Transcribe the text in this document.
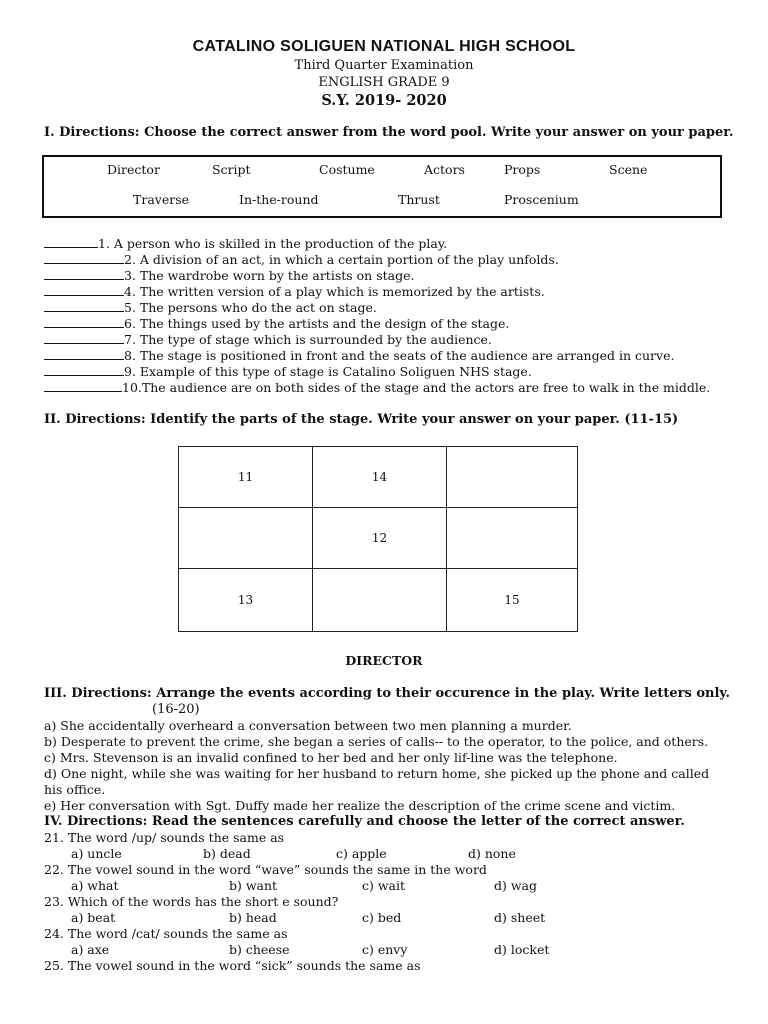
CATALINO SOLIGUEN NATIONAL HIGH SCHOOL
Third Quarter Examination
ENGLISH GRADE 9
S.Y. 2019- 2020
I. Directions: Choose the correct answer from the word pool. Write your answer on your paper.
Director	Script	Costume	Actors	Props	Scene
Traverse	In-the-round	Thrust	Proscenium
1. A person who is skilled in the production of the play.
2. A division of an act, in which a certain portion of the play unfolds.
3. The wardrobe worn by the artists on stage.
4. The written version of a play which is memorized by the artists.
5. The persons who do the act on stage.
6. The things used by the artists and the design of the stage.
7. The type of stage which is surrounded by the audience.
8. The stage is positioned in front and the seats of the audience are arranged in curve.
9. Example of this type of stage is Catalino Soliguen NHS stage.
10.The audience are on both sides of the stage and the actors are free to walk in the middle.
II. Directions: Identify the parts of the stage. Write your answer on your paper. (11-15)
11	14	
	12	
13		15
DIRECTOR
III. Directions: Arrange the events according to their occurence in the play. Write letters only.
(16-20)
a) She accidentally overheard a conversation between two men planning a murder.
b) Desperate to prevent the crime, she began a series of calls-- to the operator, to the police, and others.
c) Mrs. Stevenson is an invalid confined to her bed and her only lif-line was the telephone.
d) One night, while she was waiting for her husband to return home, she picked up the phone and called
his office.
e) Her conversation with Sgt. Duffy made her realize the description of the crime scene and victim.
IV. Directions: Read the sentences carefully and choose the letter of the correct answer.
21. The word /up/ sounds the same as
a) uncle	b) dead	c) apple	d) none
22. The vowel sound in the word “wave” sounds the same in the word
a) what	b) want	c) wait	d) wag
23. Which of the words has the short e sound?
a) beat	b) head	c) bed	d) sheet
24. The word /cat/ sounds the same as
a) axe	b) cheese	c) envy	d) locket
25. The vowel sound in the word “sick” sounds the same as
